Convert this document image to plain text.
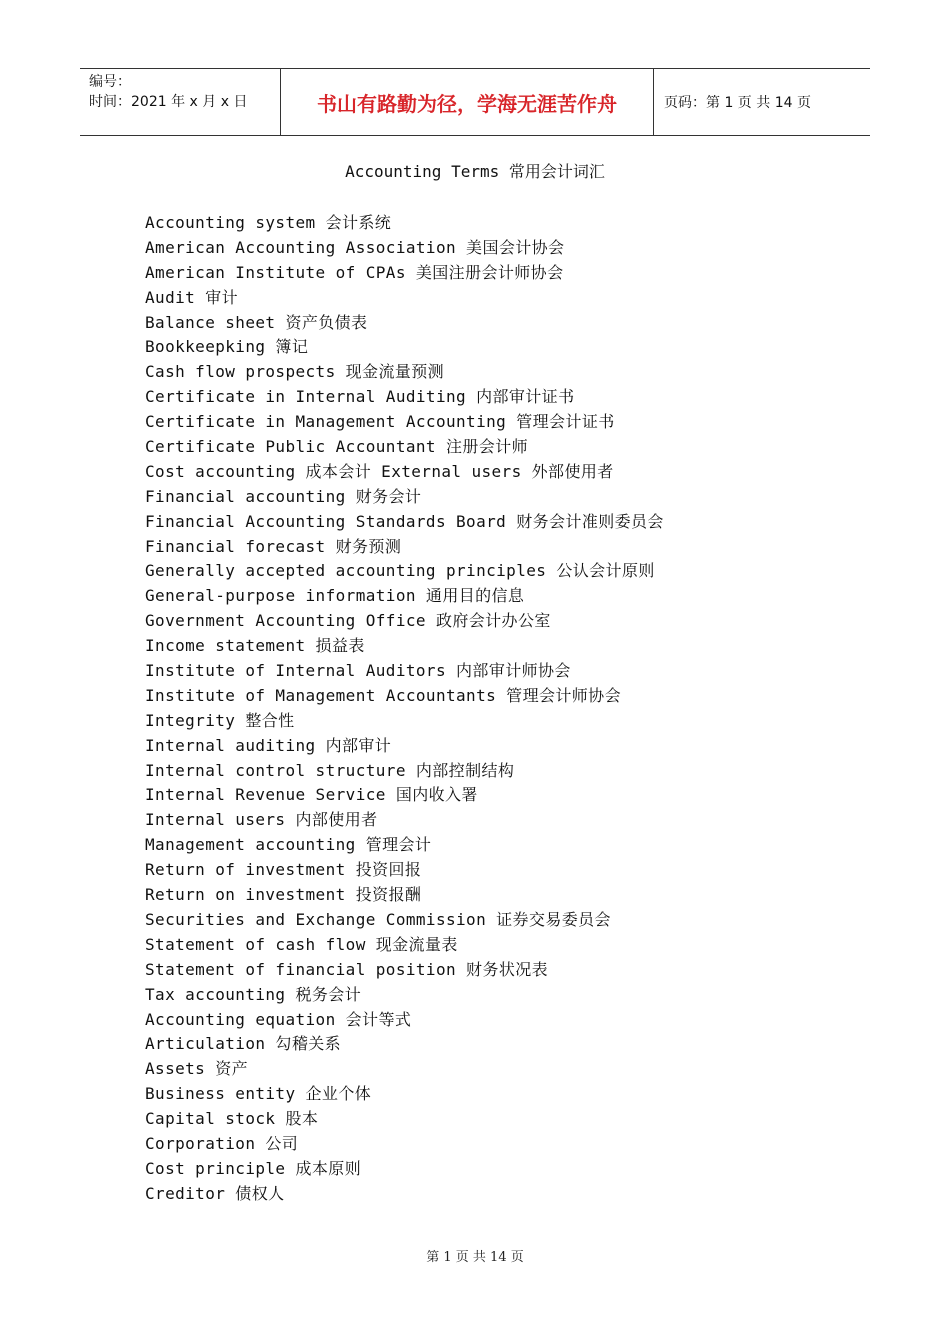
编号：
时间：2021 年 x 月 x 日	书山有路勤为径，学海无涯苦作舟	页码：第 1 页 共 14 页
Accounting Terms 常用会计词汇
Accounting system 会计系统
American Accounting Association 美国会计协会
American Institute of CPAs 美国注册会计师协会
Audit 审计
Balance sheet 资产负债表
Bookkeepking 簿记
Cash flow prospects 现金流量预测
Certificate in Internal Auditing 内部审计证书
Certificate in Management Accounting 管理会计证书
Certificate Public Accountant 注册会计师
Cost accounting 成本会计 External users 外部使用者
Financial accounting 财务会计
Financial Accounting Standards Board 财务会计准则委员会
Financial forecast 财务预测
Generally accepted accounting principles 公认会计原则
General-purpose information 通用目的信息
Government Accounting Office 政府会计办公室
Income statement 损益表
Institute of Internal Auditors 内部审计师协会
Institute of Management Accountants 管理会计师协会
Integrity 整合性
Internal auditing 内部审计
Internal control structure 内部控制结构
Internal Revenue Service 国内收入署
Internal users 内部使用者
Management accounting 管理会计
Return of investment 投资回报
Return on investment 投资报酬
Securities and Exchange Commission 证券交易委员会
Statement of cash flow 现金流量表
Statement of financial position 财务状况表
Tax accounting 税务会计
Accounting equation 会计等式
Articulation 勾稽关系
Assets 资产
Business entity 企业个体
Capital stock 股本
Corporation 公司
Cost principle 成本原则
Creditor 债权人
第 1 页 共 14 页
